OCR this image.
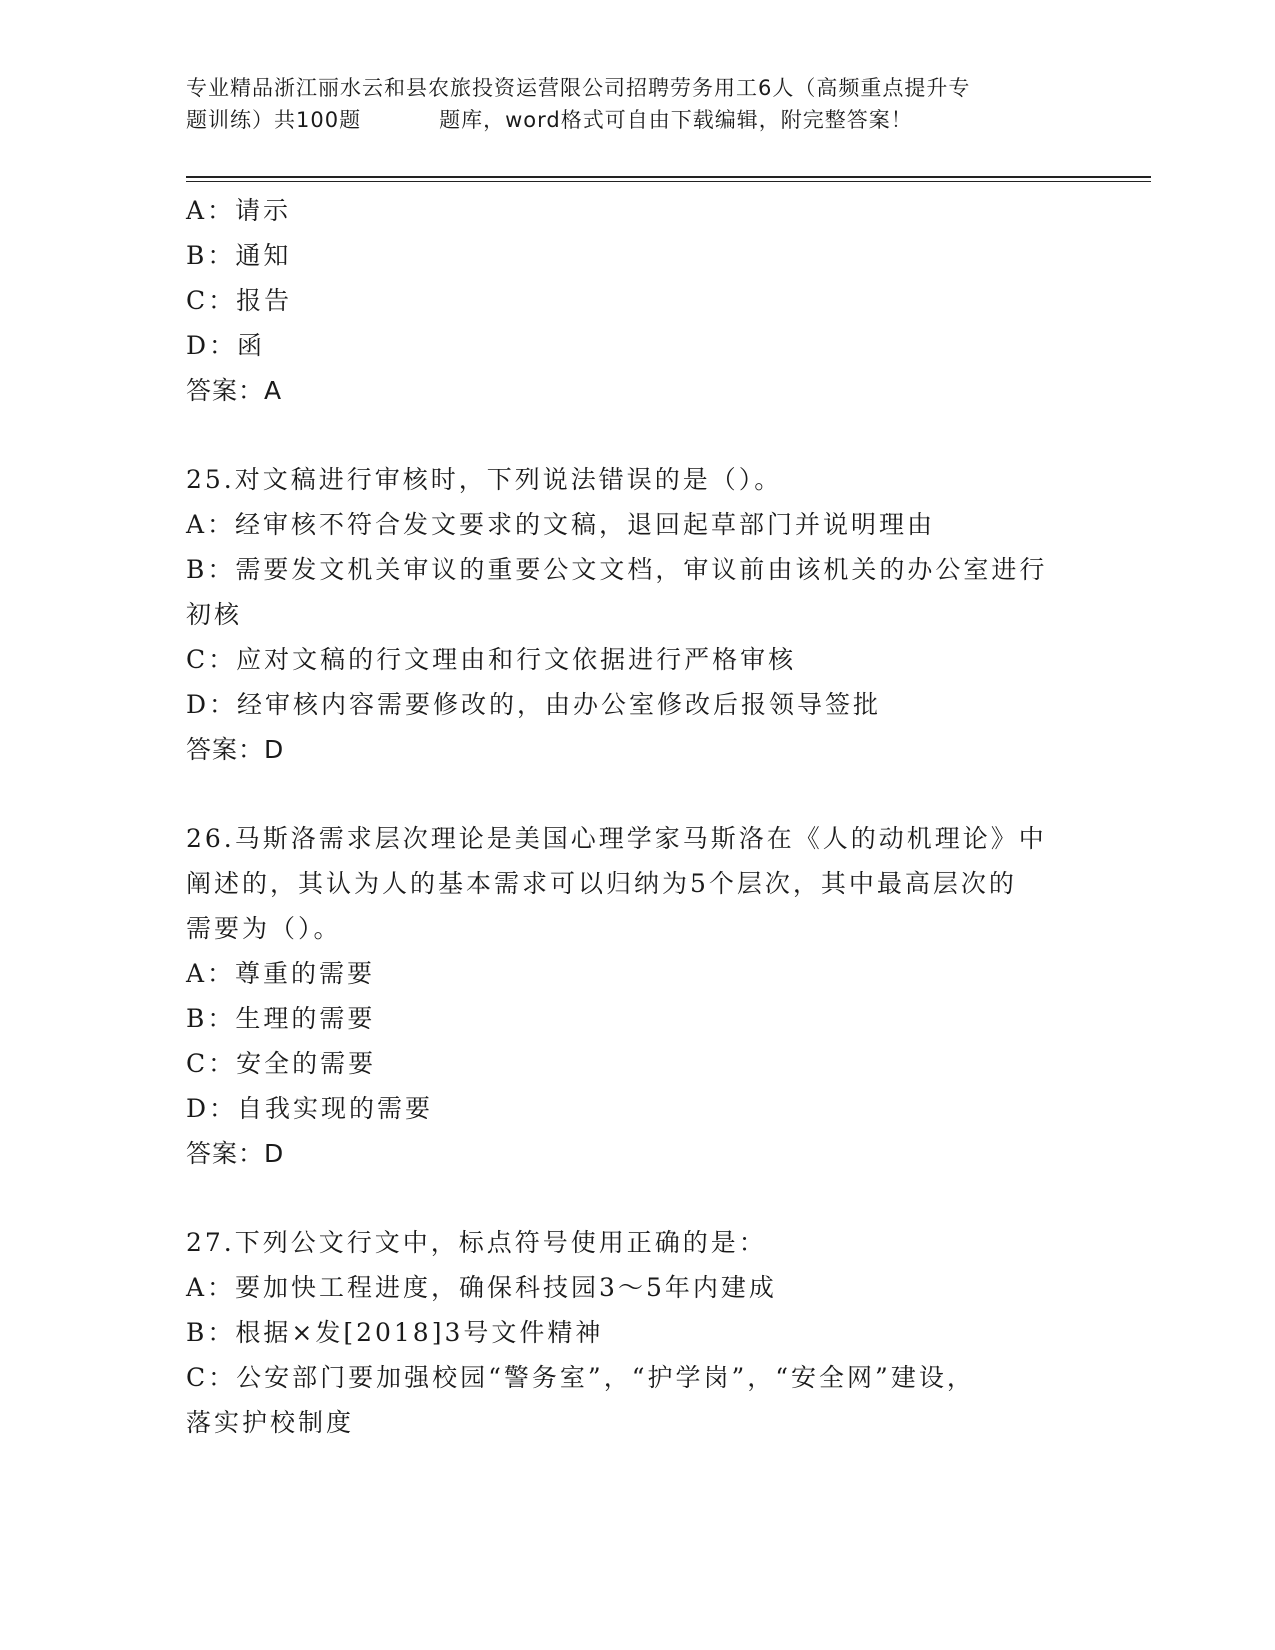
专业精品浙江丽水云和县农旅投资运营限公司招聘劳务用工6人（高频重点提升专
题训练）共100题	题库，word格式可自由下载编辑，附完整答案！
A：请示
B：通知
C：报告
D：函
答案：A
25.对文稿进行审核时，下列说法错误的是（）。
A：经审核不符合发文要求的文稿，退回起草部门并说明理由
B：需要发文机关审议的重要公文文档，审议前由该机关的办公室进行
初核
C：应对文稿的行文理由和行文依据进行严格审核
D：经审核内容需要修改的，由办公室修改后报领导签批
答案：D
26.马斯洛需求层次理论是美国心理学家马斯洛在《人的动机理论》中
阐述的，其认为人的基本需求可以归纳为5个层次，其中最高层次的
需要为（）。
A：尊重的需要
B：生理的需要
C：安全的需要
D：自我实现的需要
答案：D
27.下列公文行文中，标点符号使用正确的是：
A：要加快工程进度，确保科技园3～5年内建成
B：根据×发[2018]3号文件精神
C：公安部门要加强校园“警务室”，“护学岗”，“安全网”建设，
落实护校制度
